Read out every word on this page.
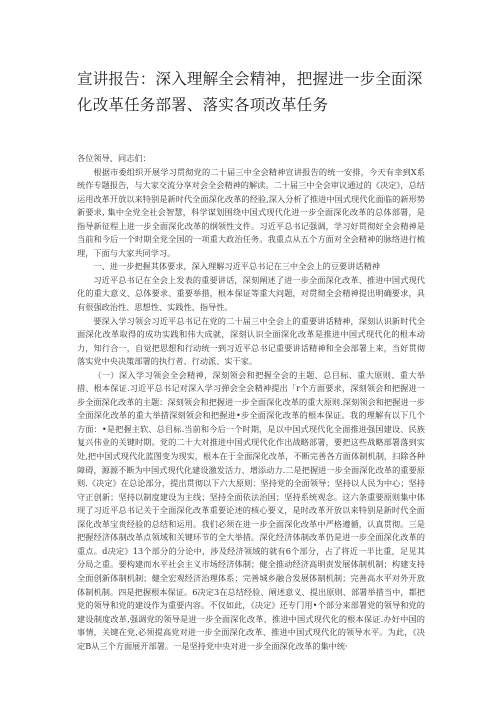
宣讲报告：深入理解全会精神，把握进一步全面深化改革任务部署、落实各项改革任务

各位领导、同志们：

根据市委组织开展学习贯彻党的二十届三中全会精神宣讲报告的统一安排，今天有幸到X系统作专题报告，与大家交流分享对会全会精神的解读。二十届三中全会审议通过的《决定》，总结运用改革开放以来特别是新时代全面深化改革的经验,深入分析了推进中国式现代化面临的新形势新要求, 集中全党全社会智慧，科学谋划围绕中国式现代化进一步全面深化改革的总体部署，是指导新征程上进一步全面深化改革的纲领性文件。习近平总书记强调，学习好贯彻好全会精神是当前和今后一个时期全党全国的一项重大政治任务。我重点从五个方面对全会精神的脉络进行梳理，下面与大家共同学习。

一、进一步把握其体要求，深入理解习近平总书记在三中全会上的豆要讲话精神

习近平总书记在全会上发表的重要讲话，深刻阐述了进一步全面深化改革、推进中国式现代化的重大意义、总体要求、重要举措，根本保证等重大问题，对贯彻全会精神提出明确要求，具有很强政治性、思想性、实践性、指导性。

要深入学习领会习近平总书记在党的二十届三中全会上的重要讲话精神，深刻认识新时代全面深化改革取得的成功实践和伟大成就，深刻认识全面深化改革是推进中国式现代化的根本动力，知行合一，自觉把思想和行动统一到习近平总书记重要讲话精神和全会部署上来，当好贯彻落实党中央决策部署的执行者、行动派、实干家。

（一）深入学习领会全会精神，深刻领会和把握全会的主题、总目标、重大原则、重大举措、根本保证.习近平总书记对深入学习弹会全会精神提出「r个方面要求，深刻领会和把握进一步全面深化改革的主题：深刻领会和把握进一步全面深化改革的重大原则.深刻领会和把握进一步全面深化改革的重大举措深刻领会和把握进•步全面深化改革的根本保证。我的理解有以下几个方面：•是把握主软、总目标.当前和今后一个时期，是以中国式现代化全面推进强国建设、民族复兴伟业的关键时期。党的二十大对推进中国式现代化作出战略部署，要把这些战略部署落到实处,把中国式现代化蓝图变为现实，根本在于全面深化改革，不断完善各方面体制机制，扫除各种障碍，源源不断为中国式现代化建设激发活力、增添动力.二是把握进一步全面深化改革的重要原则.《决定》在总论部分，提出贯彻以下六大原则：坚持党的全面领导；坚持以人民为中心；坚持守正创新；坚持以制度建设为主线；坚持全面依法治国；坚持系统观念。这六条重要原则集中体现了习近平总书记关于全面深化改革重要论述的核心要义，是时改革开放以来特别是新时代全面深化改革宝贵经验的总结和运用。我们必须在进一步全面深化改革中严格遵循，认真贯彻。三是把握经济体制改革点领域和关键环节的全大举措。深化经济体制改革仍是进一步全面深化改革的重点。d决定》13个部分的分论中，涉及经济领域的就有6个部分，占了将近一半比重，足见其分局之重。要构建而水平社会主义市场经济体制；健全推动经济高明责发展体制机制；构建支持全面创新体制机制；健全宏观经济治理体系；完善城乡融合发展体制机制；完善高水平对外开放体制机制。四是把握根本保证。6决定3在总结经验、阐述意义、提出原则、部署举措当中，都把党的领导和党的建设作为重要内容。不仅如此，《决定》还专门用•个部分来部署党的领导和党的建设制度改革,强调党的领导是进一步全面深化改革、推进中国式现代化的根本保证.办好中国的事情，关键在党,必须提高党对进一步全面深化改革、推进中国式现代化的领导水平。为此，《决定B从三个方面展开部署。一是坚持党中央对进一步全面深化改革的集中统·
